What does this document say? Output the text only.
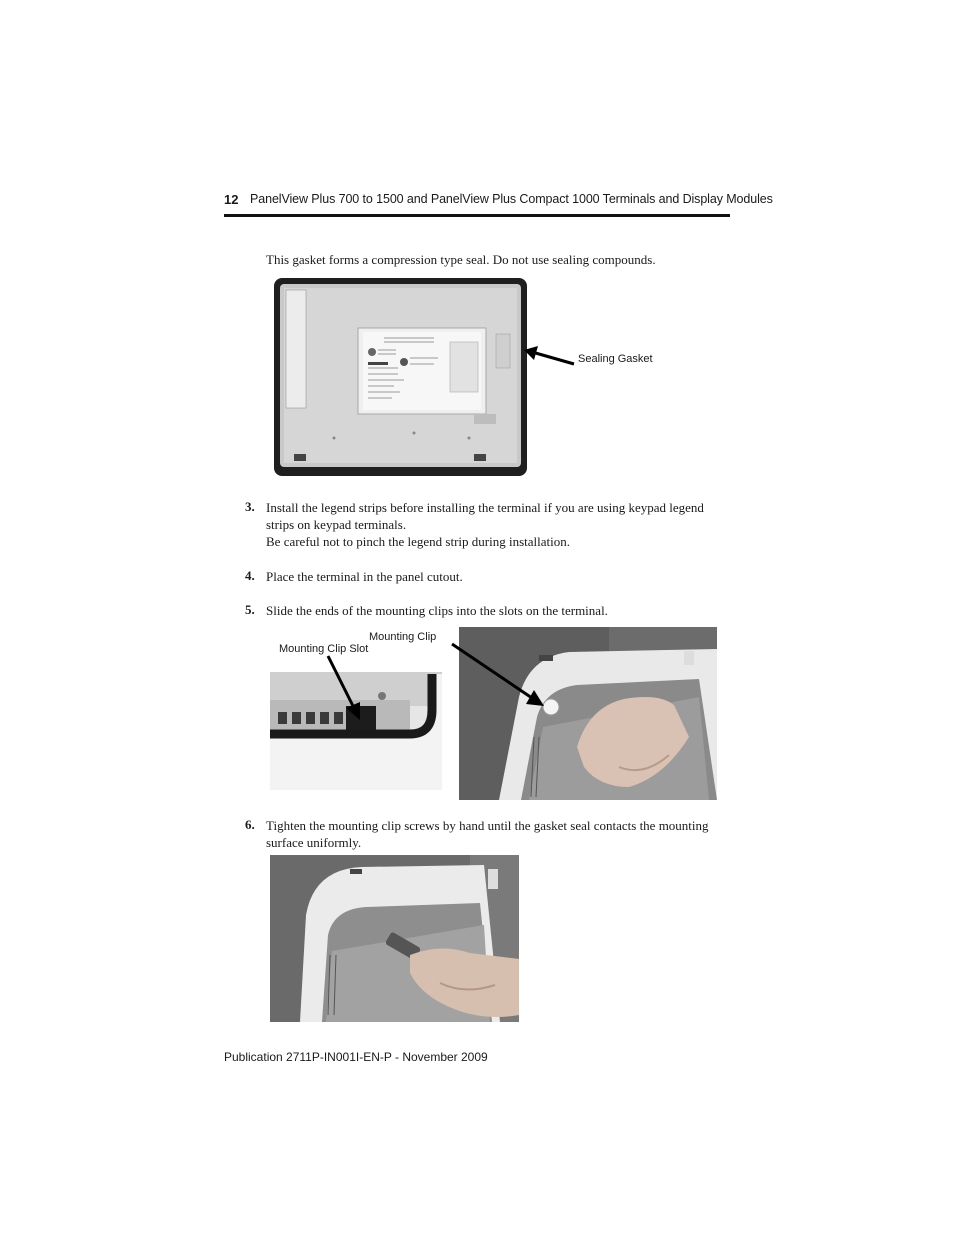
12 PanelView Plus 700 to 1500 and PanelView Plus Compact 1000 Terminals and Display Modules
This gasket forms a compression type seal. Do not use sealing compounds.
Sealing Gasket
3. Install the legend strips before installing the terminal if you are using keypad legend
strips on keypad terminals.
Be careful not to pinch the legend strip during installation.
4. Place the terminal in the panel cutout.
5. Slide the ends of the mounting clips into the slots on the terminal.
Mounting Clip Slot
Mounting Clip
6. Tighten the mounting clip screws by hand until the gasket seal contacts the mounting
surface uniformly.
Publication 2711P-IN001I-EN-P - November 2009
